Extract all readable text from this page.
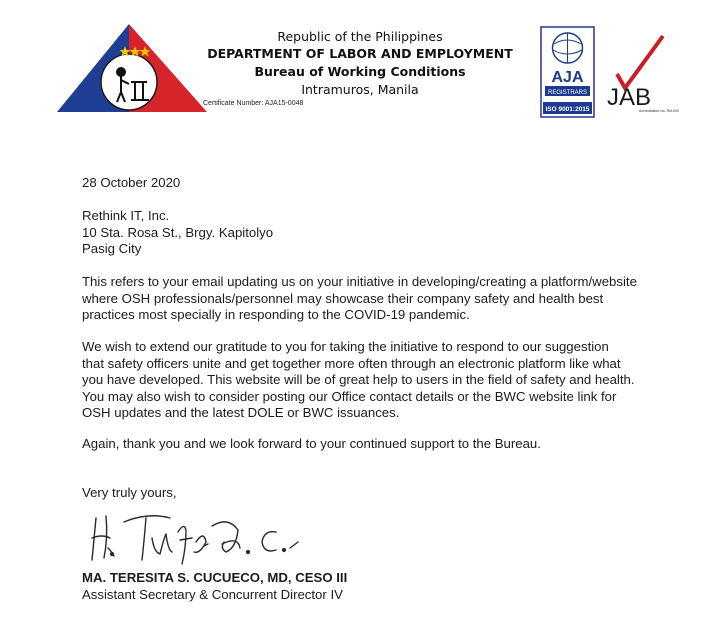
Republic of the Philippines
DEPARTMENT OF LABOR AND EMPLOYMENT
Bureau of Working Conditions
Intramuros, Manila
Certificate Number: AJA15-0048
AJA
REGISTRARS
ISO 9001:2015 JAB
Accreditation No. RM-000
28 October 2020
Rethink IT, Inc.
10 Sta. Rosa St., Brgy. Kapitolyo
Pasig City
This refers to your email updating us on your initiative in developing/creating a platform/website
where OSH professionals/personnel may showcase their company safety and health best
practices most specially in responding to the COVID-19 pandemic.
We wish to extend our gratitude to you for taking the initiative to respond to our suggestion
that safety officers unite and get together more often through an electronic platform like what
you have developed. This website will be of great help to users in the field of safety and health.
You may also wish to consider posting our Office contact details or the BWC website link for
OSH updates and the latest DOLE or BWC issuances.
Again, thank you and we look forward to your continued support to the Bureau.
Very truly yours,
MA. TERESITA S. CUCUECO, MD, CESO III
Assistant Secretary & Concurrent Director IV
